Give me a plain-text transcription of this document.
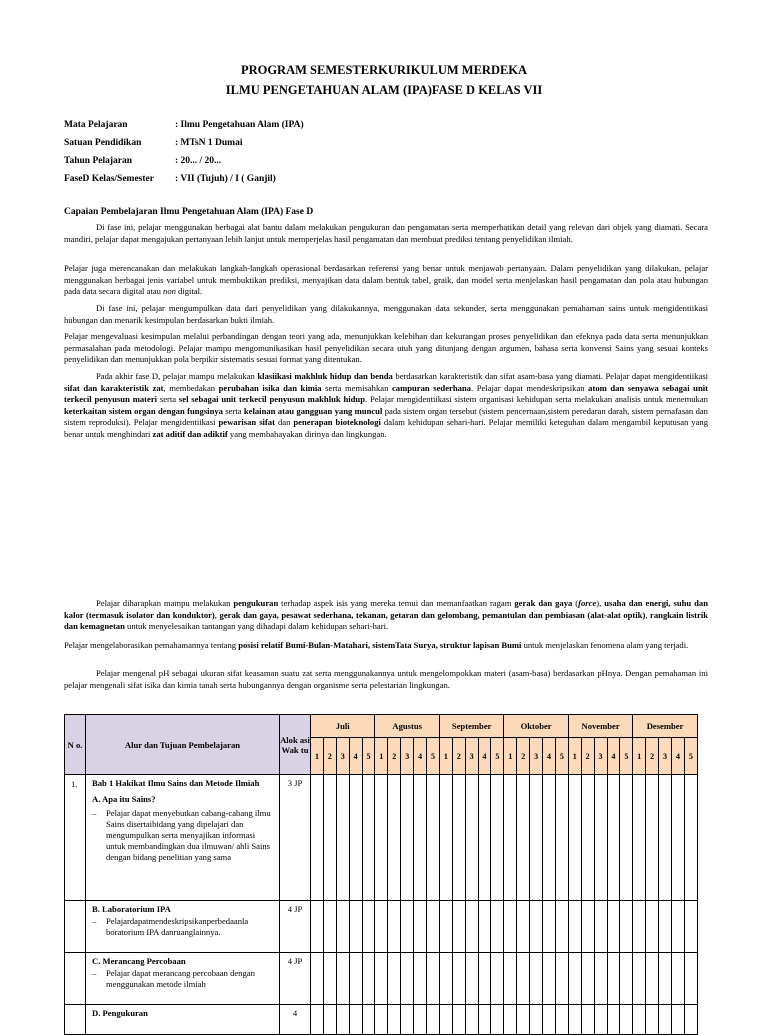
PROGRAM SEMESTERKURIKULUM MERDEKA
ILMU PENGETAHUAN ALAM (IPA)FASE D KELAS VII
Mata Pelajaran	: Ilmu Pengetahuan Alam (IPA)
Satuan Pendidikan	: MTsN 1 Dumai
Tahun Pelajaran	: 20... / 20...
FaseD Kelas/Semester	: VII (Tujuh) / I ( Ganjil)
Capaian Pembelajaran Ilmu Pengetahuan Alam (IPA) Fase D

Di fase ini, pelajar menggunakan berbagai alat bantu dalam melakukan pengukuran dan pengamatan serta memperhatikan detail yang relevan dari objek yang diamati. Secara mandiri, pelajar dapat mengajukan pertanyaan lebih lanjut untuk memperjelas hasil pengamatan dan membuat prediksi tentang penyelidikan ilmiah.

Pelajar juga merencanakan dan melakukan langkah-langkah operasional berdasarkan referensi yang benar untuk menjawab pertanyaan. Dalam penyelidikan yang dilakukan, pelajar menggunakan berbagai jenis variabel untuk membuktikan prediksi, menyajikan data dalam bentuk tabel, graik, dan model serta menjelaskan hasil pengamatan dan pola atau hubungan pada data secara digital atau non digital.

Di fase ini, pelajar mengumpulkan data dari penyelidikan yang dilakukannya, menggunakan data sekunder, serta menggunakan pemahaman sains untuk mengidentiikasi hubungan dan menarik kesimpulan berdasarkan bukti ilmiah.

Pelajar mengevaluasi kesimpulan melalui perbandingan dengan teori yang ada, menunjukkan kelebihan dan kekurangan proses penyelidikan dan efeknya pada data serta menunjukkan permasalahan pada metodologi. Pelajar mampu mengomunikasikan hasil penyelidikan secara utuh yang ditunjang dengan argumen, bahasa serta konvensi Sains yang sesuai konteks penyelidikan dan menunjukkan pola berpikir sistematis sesuai format yang ditentukan.

Pada akhir fase D, pelajar mampu melakukan klasiikasi makhluk hidup dan benda berdasarkan karakteristik dan sifat asam-basa yang diamati. Pelajar dapat mengidentiikasi sifat dan karakteristik zat, membedakan perubahan isika dan kimia serta memisahkan campuran sederhana. Pelajar dapat mendeskripsikan atom dan senyawa sebagai unit terkecil penyusun materi serta sel sebagai unit terkecil penyusun makhluk hidup. Pelajar mengidentiikasi sistem organisasi kehidupan serta melakukan analisis untuk menemukan keterkaitan sistem organ dengan fungsinya serta kelainan atau gangguan yang muncul pada sistem organ tersebut (sistem pencernaan,sistem peredaran darah, sistem pernafasan dan sistem reproduksi). Pelajar mengidentiikasi pewarisan sifat dan penerapan bioteknologi dalam kehidupan sehari-hari. Pelajar memiliki keteguhan dalam mengambil keputusan yang benar untuk menghindari zat aditif dan adiktif yang membahayakan dirinya dan lingkungan.

Pelajar diharapkan mampu melakukan pengukuran terhadap aspek isis yang mereka temui dan memanfaatkan ragam gerak dan gaya (force), usaha dan energi, suhu dan kalor (termasuk isolator dan konduktor), gerak dan gaya, pesawat sederhana, tekanan, getaran dan gelombang, pemantulan dan pembiasan (alat-alat optik), rangkain listrik dan kemagnetan untuk menyelesaikan tantangan yang dihadapi dalam kehidupan sehari-hari.

Pelajar mengelaborasikan pemahamannya tentang posisi relatif Bumi-Bulan-Matahari, sistemTata Surya, struktur lapisan Bumi untuk menjelaskan fenomena alam yang terjadi.

Pelajar mengenal pH sebagai ukuran sifat keasaman suatu zat serta menggunakannya untuk mengelompokkan materi (asam-basa) berdasarkan pHnya. Dengan pemahaman ini pelajar mengenali sifat isika dan kimia tanah serta hubungannya dengan organisme serta pelestarian lingkungan.

N o.	Alur dan Tujuan Pembelajaran	Alok asi Wak tu	Juli					Agustus					September					Oktober					November					Desember				
			1	2	3	4	5	1	2	3	4	5	1	2	3	4	5	1	2	3	4	5	1	2	3	4	5	1	2	3	4	5
1.	Bab 1 Hakikat Ilmu Sains dan Metode Ilmiah
A. Apa itu Sains?
– Pelajar dapat menyebutkan cabang-cabang ilmu Sains disertaibidang yang dipelajari dan mengumpulkan serta menyajikan informasi untuk membandingkan dua ilmuwan/ ahli Sains dengan bidang penelitian yang sama	3 JP																														

	B. Laboratorium IPA
– Pelajardapatmendeskripsikanperbedaanla boratorium IPA danruanglainnya.	4 JP																														

	C. Merancang Percobaan
– Pelajar dapat merancang percobaan dengan menggunakan metode ilmiah	4 JP																														

	D. Pengukuran	4																														
